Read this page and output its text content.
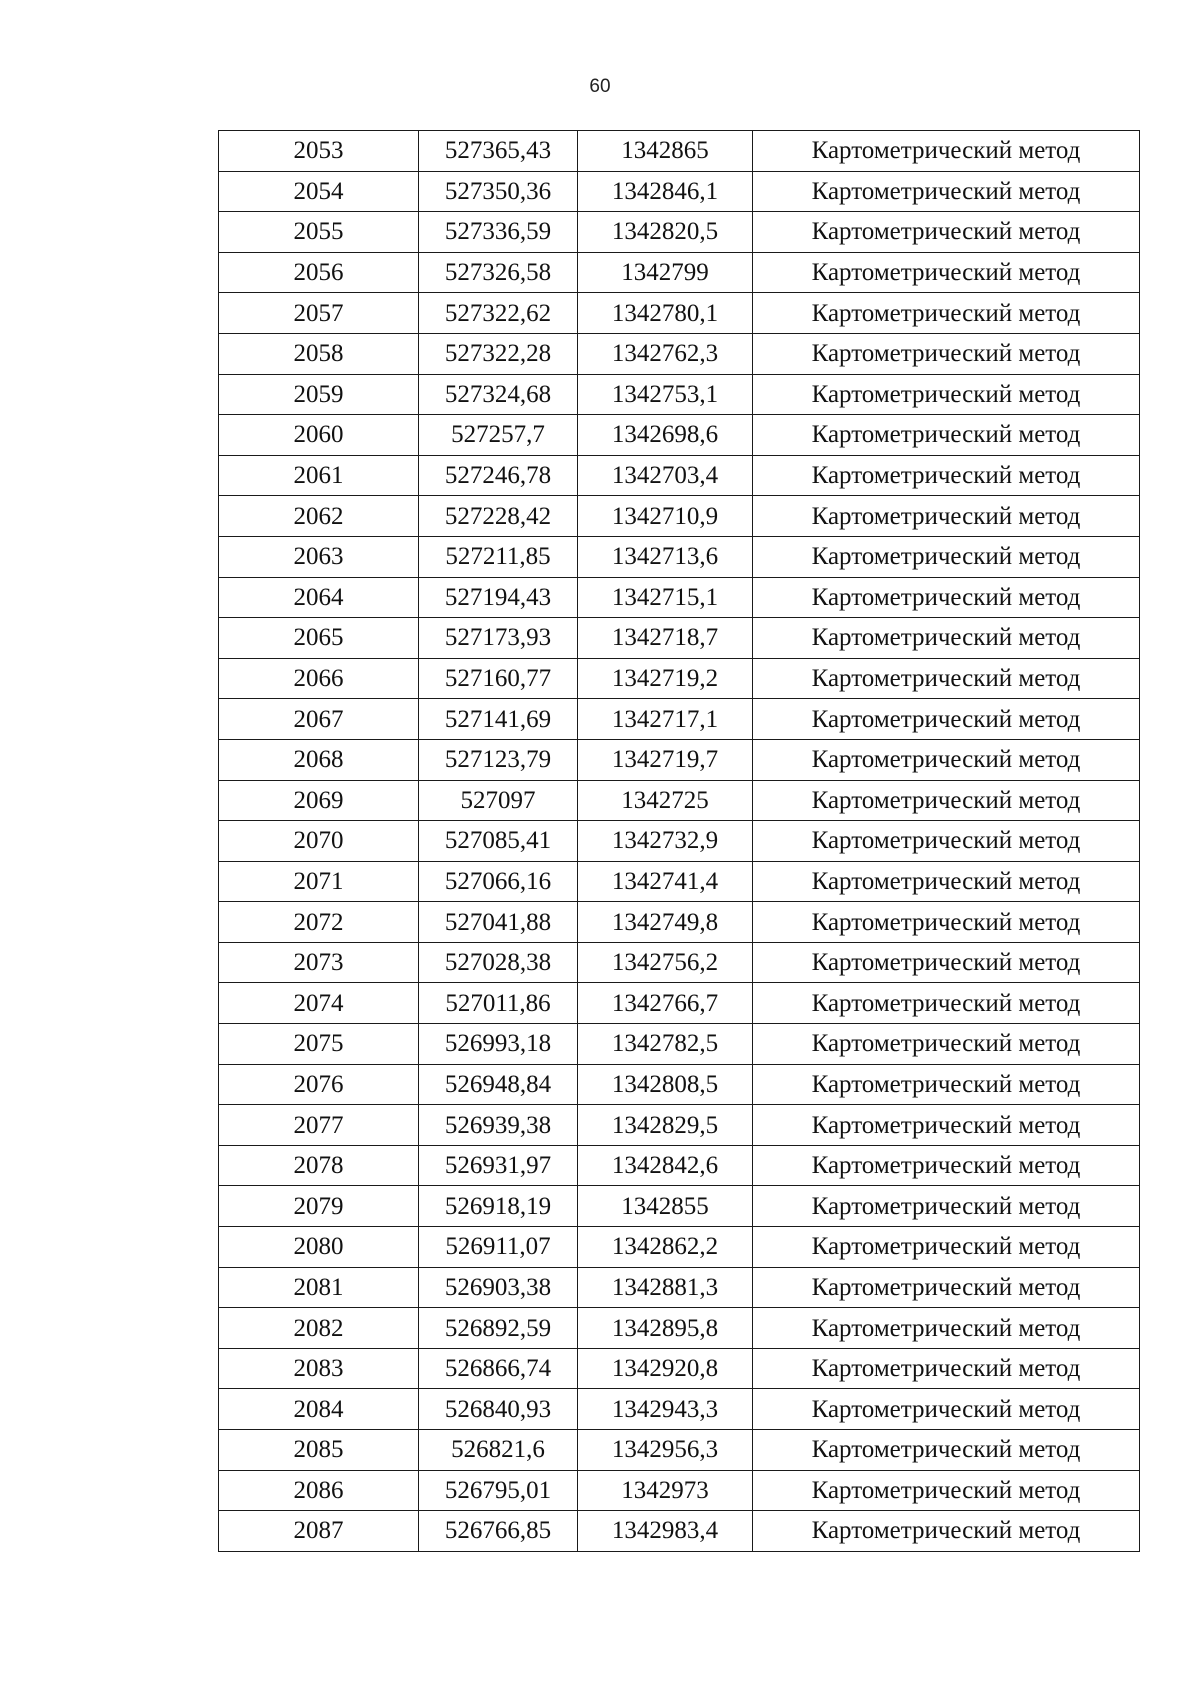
60
2053	527365,43	1342865	Картометрический метод
2054	527350,36	1342846,1	Картометрический метод
2055	527336,59	1342820,5	Картометрический метод
2056	527326,58	1342799	Картометрический метод
2057	527322,62	1342780,1	Картометрический метод
2058	527322,28	1342762,3	Картометрический метод
2059	527324,68	1342753,1	Картометрический метод
2060	527257,7	1342698,6	Картометрический метод
2061	527246,78	1342703,4	Картометрический метод
2062	527228,42	1342710,9	Картометрический метод
2063	527211,85	1342713,6	Картометрический метод
2064	527194,43	1342715,1	Картометрический метод
2065	527173,93	1342718,7	Картометрический метод
2066	527160,77	1342719,2	Картометрический метод
2067	527141,69	1342717,1	Картометрический метод
2068	527123,79	1342719,7	Картометрический метод
2069	527097	1342725	Картометрический метод
2070	527085,41	1342732,9	Картометрический метод
2071	527066,16	1342741,4	Картометрический метод
2072	527041,88	1342749,8	Картометрический метод
2073	527028,38	1342756,2	Картометрический метод
2074	527011,86	1342766,7	Картометрический метод
2075	526993,18	1342782,5	Картометрический метод
2076	526948,84	1342808,5	Картометрический метод
2077	526939,38	1342829,5	Картометрический метод
2078	526931,97	1342842,6	Картометрический метод
2079	526918,19	1342855	Картометрический метод
2080	526911,07	1342862,2	Картометрический метод
2081	526903,38	1342881,3	Картометрический метод
2082	526892,59	1342895,8	Картометрический метод
2083	526866,74	1342920,8	Картометрический метод
2084	526840,93	1342943,3	Картометрический метод
2085	526821,6	1342956,3	Картометрический метод
2086	526795,01	1342973	Картометрический метод
2087	526766,85	1342983,4	Картометрический метод
